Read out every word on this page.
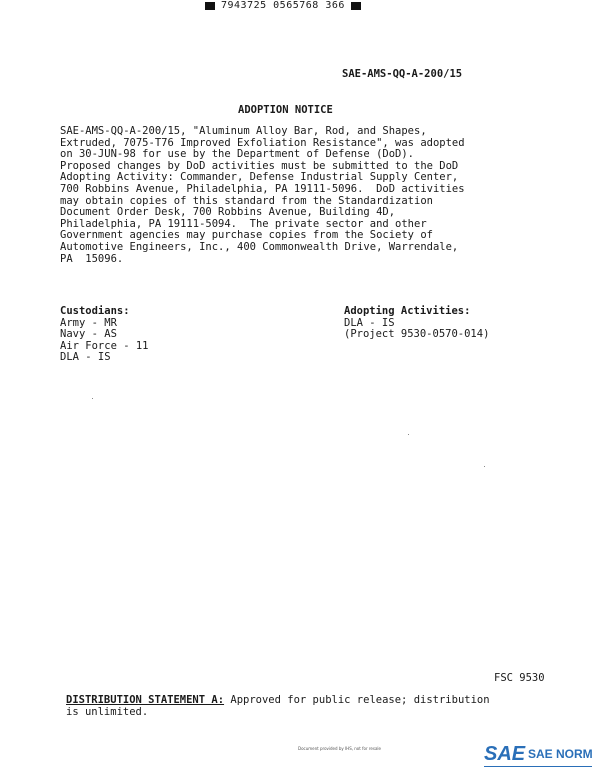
7943725 0565768 366
SAE-AMS-QQ-A-200/15
ADOPTION NOTICE
SAE-AMS-QQ-A-200/15, "Aluminum Alloy Bar, Rod, and Shapes,
Extruded, 7075-T76 Improved Exfoliation Resistance", was adopted
on 30-JUN-98 for use by the Department of Defense (DoD).
Proposed changes by DoD activities must be submitted to the DoD
Adopting Activity: Commander, Defense Industrial Supply Center,
700 Robbins Avenue, Philadelphia, PA 19111-5096.  DoD activities
may obtain copies of this standard from the Standardization
Document Order Desk, 700 Robbins Avenue, Building 4D,
Philadelphia, PA 19111-5094.  The private sector and other
Government agencies may purchase copies from the Society of
Automotive Engineers, Inc., 400 Commonwealth Drive, Warrendale,
PA  15096.
Custodians:
Army - MR
Navy - AS
Air Force - 11
DLA - IS
Adopting Activities:
DLA - IS
(Project 9530-0570-014)
FSC 9530
DISTRIBUTION STATEMENT A: Approved for public release; distribution
is unlimited.
Document provided by IHS, not for resale	SAE SAE NORM
